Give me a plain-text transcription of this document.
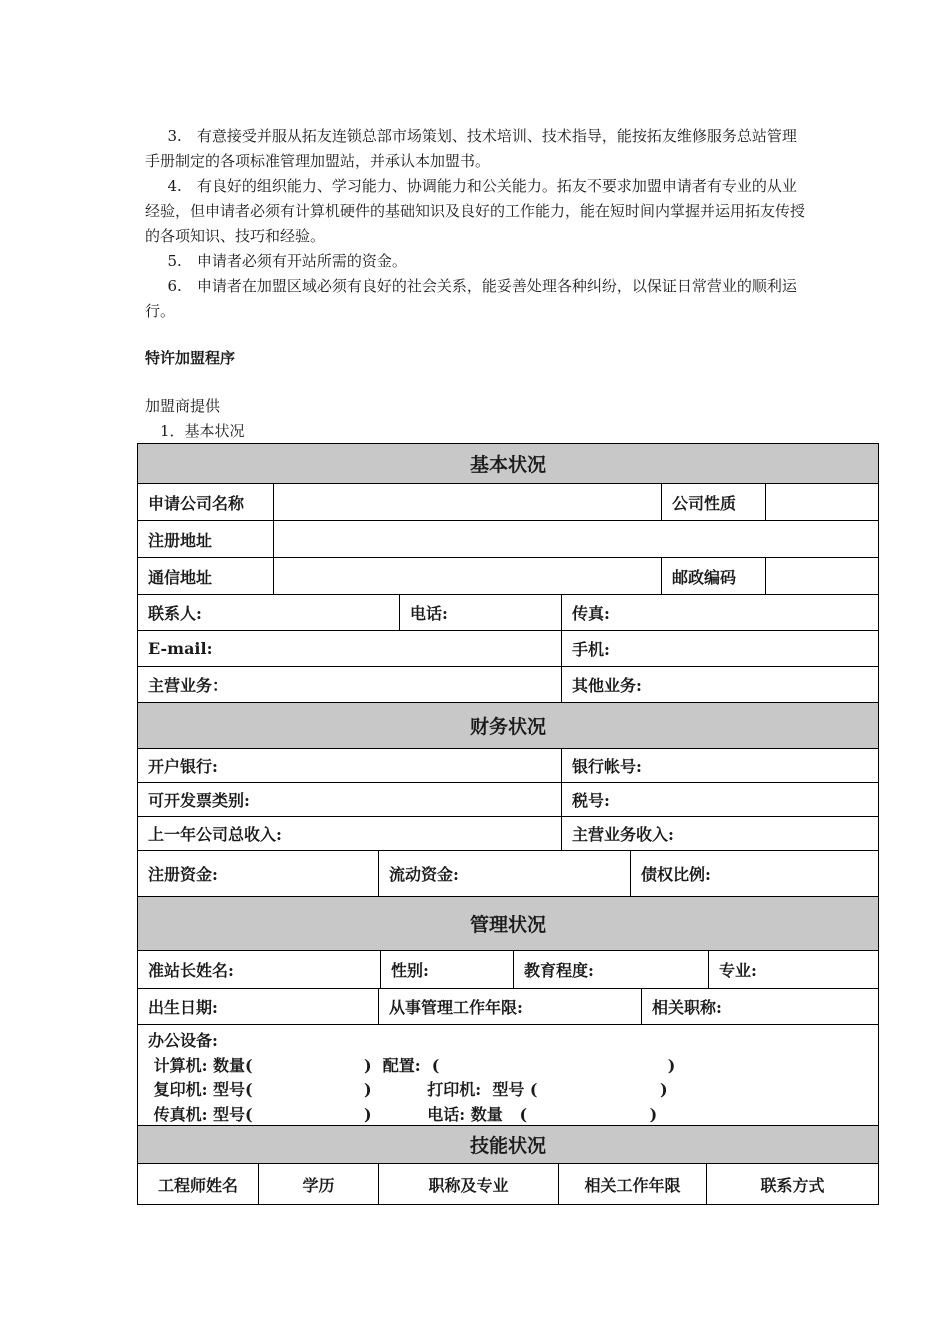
  3.  有意接受并服从拓友连锁总部市场策划、技术培训、技术指导，能按拓友维修服务总站管理手册制定的各项标准管理加盟站，并承认本加盟书。

  4.  有良好的组织能力、学习能力、协调能力和公关能力。拓友不要求加盟申请者有专业的从业经验，但申请者必须有计算机硬件的基础知识及良好的工作能力，能在短时间内掌握并运用拓友传授的各项知识、技巧和经验。

  5.  申请者必须有开站所需的资金。

  6.  申请者在加盟区域必须有良好的社会关系，能妥善处理各种纠纷，以保证日常营业的顺利运行。

特许加盟程序
加盟商提供
1．基本状况
基本状况
申请公司名称	公司性质
注册地址
通信地址	邮政编码
联系人:	电话:	传真:
E-mail:	手机:
主营业务：	其他业务:
财务状况
开户银行:	银行帐号:
可开发票类别:	税号:
上一年公司总收入:	主营业务收入:
注册资金:	流动资金:	债权比例:
管理状况
准站长姓名:	性别:	教育程度:	专业:
出生日期:	从事管理工作年限:	相关职称:
办公设备:
计算机: 数量(                    )  配置:  (                                         )
复印机: 型号(                    )          打印机:  型号 (                      )
传真机: 型号(                    )          电话: 数量   (                      )
技能状况
工程师姓名	学历	职称及专业	相关工作年限	联系方式
